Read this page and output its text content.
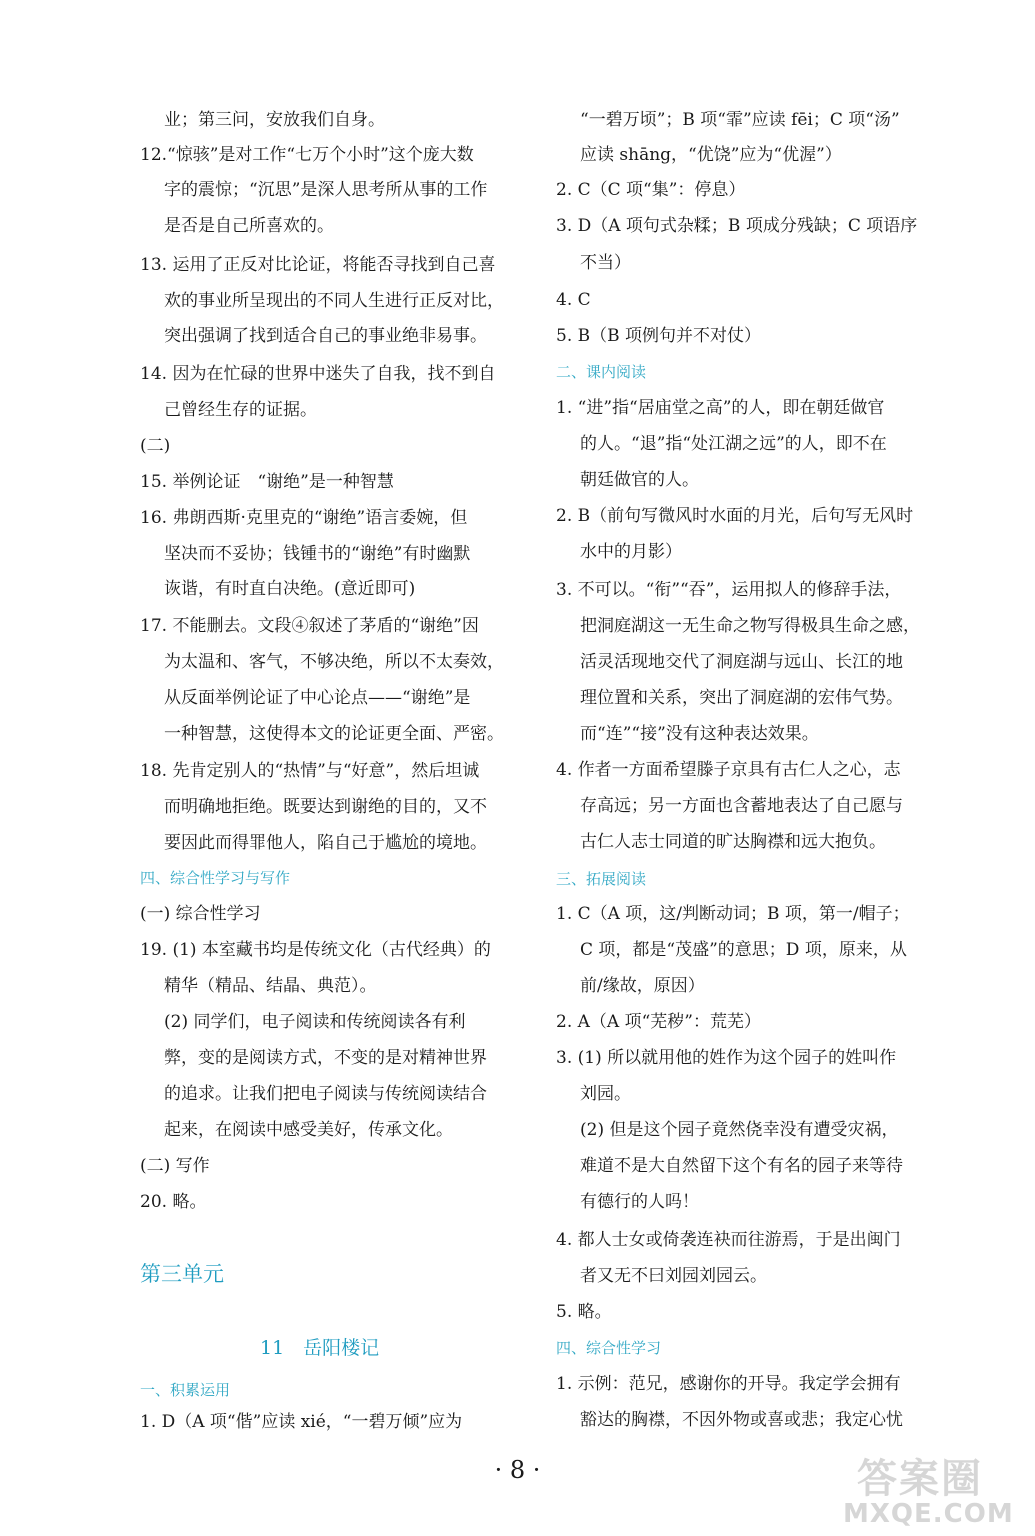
业；第三问，安放我们自身。
12.“惊骇”是对工作“七万个小时”这个庞大数
字的震惊；“沉思”是深人思考所从事的工作
是否是自己所喜欢的。
13. 运用了正反对比论证，将能否寻找到自己喜
欢的事业所呈现出的不同人生进行正反对比，
突出强调了找到适合自己的事业绝非易事。
14. 因为在忙碌的世界中迷失了自我，找不到自
己曾经生存的证据。
(二)
15. 举例论证　“谢绝”是一种智慧
16. 弗朗西斯·克里克的“谢绝”语言委婉，但
坚决而不妥协；钱锺书的“谢绝”有时幽默
诙谐，有时直白决绝。(意近即可)
17. 不能删去。文段④叙述了茅盾的“谢绝”因
为太温和、客气，不够决绝，所以不太奏效，
从反面举例论证了中心论点——“谢绝”是
一种智慧，这使得本文的论证更全面、严密。
18. 先肯定别人的“热情”与“好意”，然后坦诚
而明确地拒绝。既要达到谢绝的目的，又不
要因此而得罪他人，陷自己于尴尬的境地。
四、综合性学习与写作
(一) 综合性学习
19. (1) 本室藏书均是传统文化（古代经典）的
精华（精品、结晶、典范）。
(2) 同学们，电子阅读和传统阅读各有利
弊，变的是阅读方式，不变的是对精神世界
的追求。让我们把电子阅读与传统阅读结合
起来，在阅读中感受美好，传承文化。
(二) 写作
20. 略。
第三单元
11　岳阳楼记
一、积累运用
1. D（A 项“偕”应读 xié，“一碧万倾”应为
“一碧万顷”；B 项“霏”应读 fēi；C 项“汤”
应读 shāng，“优饶”应为“优渥”）
2. C（C 项“集”：停息）
3. D（A 项句式杂糅；B 项成分残缺；C 项语序
不当）
4. C
5. B（B 项例句并不对仗）
二、课内阅读
1. “进”指“居庙堂之高”的人，即在朝廷做官
的人。“退”指“处江湖之远”的人，即不在
朝廷做官的人。
2. B（前句写微风时水面的月光，后句写无风时
水中的月影）
3. 不可以。“衔”“吞”，运用拟人的修辞手法，
把洞庭湖这一无生命之物写得极具生命之感，
活灵活现地交代了洞庭湖与远山、长江的地
理位置和关系，突出了洞庭湖的宏伟气势。
而“连”“接”没有这种表达效果。
4. 作者一方面希望滕子京具有古仁人之心，志
存高远；另一方面也含蓄地表达了自己愿与
古仁人志士同道的旷达胸襟和远大抱负。
三、拓展阅读
1. C（A 项，这/判断动词；B 项，第一/帽子；
C 项，都是“茂盛”的意思；D 项，原来，从
前/缘故，原因）
2. A（A 项“芜秽”：荒芜）
3. (1) 所以就用他的姓作为这个园子的姓叫作
刘园。
(2) 但是这个园子竟然侥幸没有遭受灾祸，
难道不是大自然留下这个有名的园子来等待
有德行的人吗！
4. 都人士女或倚袭连袂而往游焉，于是出闽门
者又无不曰刘园刘园云。
5. 略。
四、综合性学习
1. 示例：范兄，感谢你的开导。我定学会拥有
豁达的胸襟，不因外物或喜或悲；我定心忧
· 8 ·	答案圈
MXQE.COM
